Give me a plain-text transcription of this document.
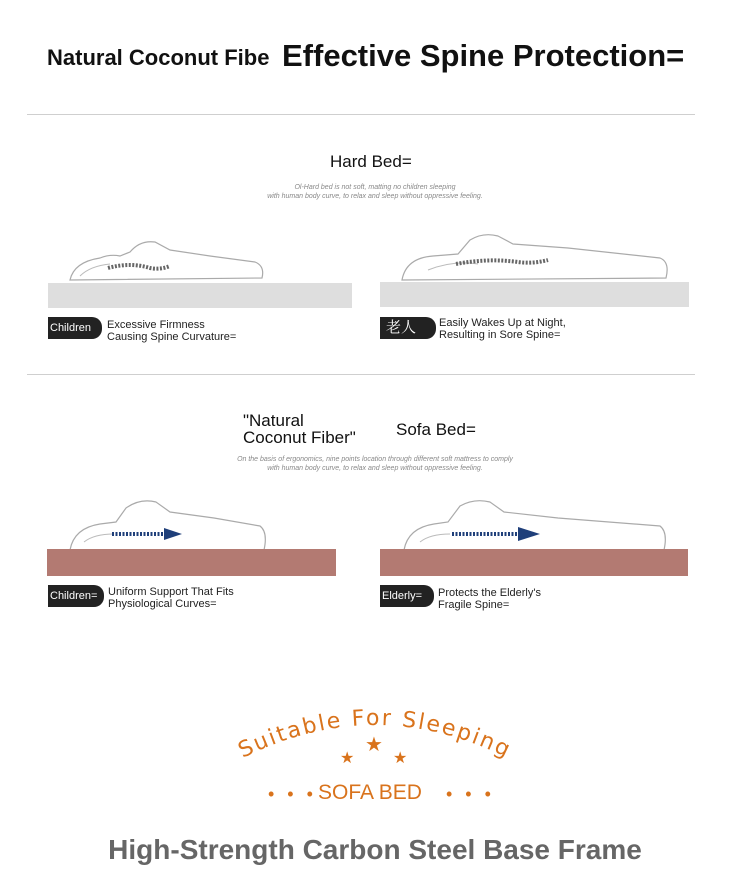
Natural Coconut Fibe Effective Spine Protection=
Hard Bed=
Ol-Hard bed is not soft, matting no children sleeping
with human body curve, to relax and sleep without oppressive feeling.
Children	Excessive Firmness
Causing Spine Curvature=
老人	Easily Wakes Up at Night,
Resulting in Sore Spine=
"Natural
Coconut Fiber" Sofa Bed=
On the basis of ergonomics, nine points location through different soft mattress to comply
with human body curve, to relax and sleep without oppressive feeling.
Children= Uniform Support That Fits
Physiological Curves=
Elderly=	Protects the Elderly's
Fragile Spine=
Suitable For Sleeping
★
★
★
• • • SOFA BED • • •
High-Strength Carbon Steel Base Frame
